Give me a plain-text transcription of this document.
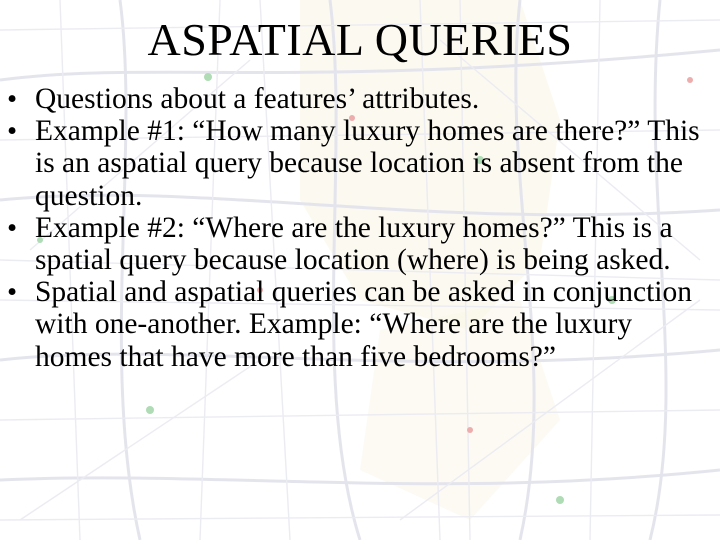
ASPATIAL QUERIES
• Questions about a features’ attributes.
• Example #1: “How many luxury homes are there?” This is an aspatial query because location is absent from the question.
• Example #2: “Where are the luxury homes?” This is a spatial query because location (where) is being asked.
• Spatial and aspatial queries can be asked in conjunction with one-another. Example: “Where are the luxury homes that have more than five bedrooms?”
